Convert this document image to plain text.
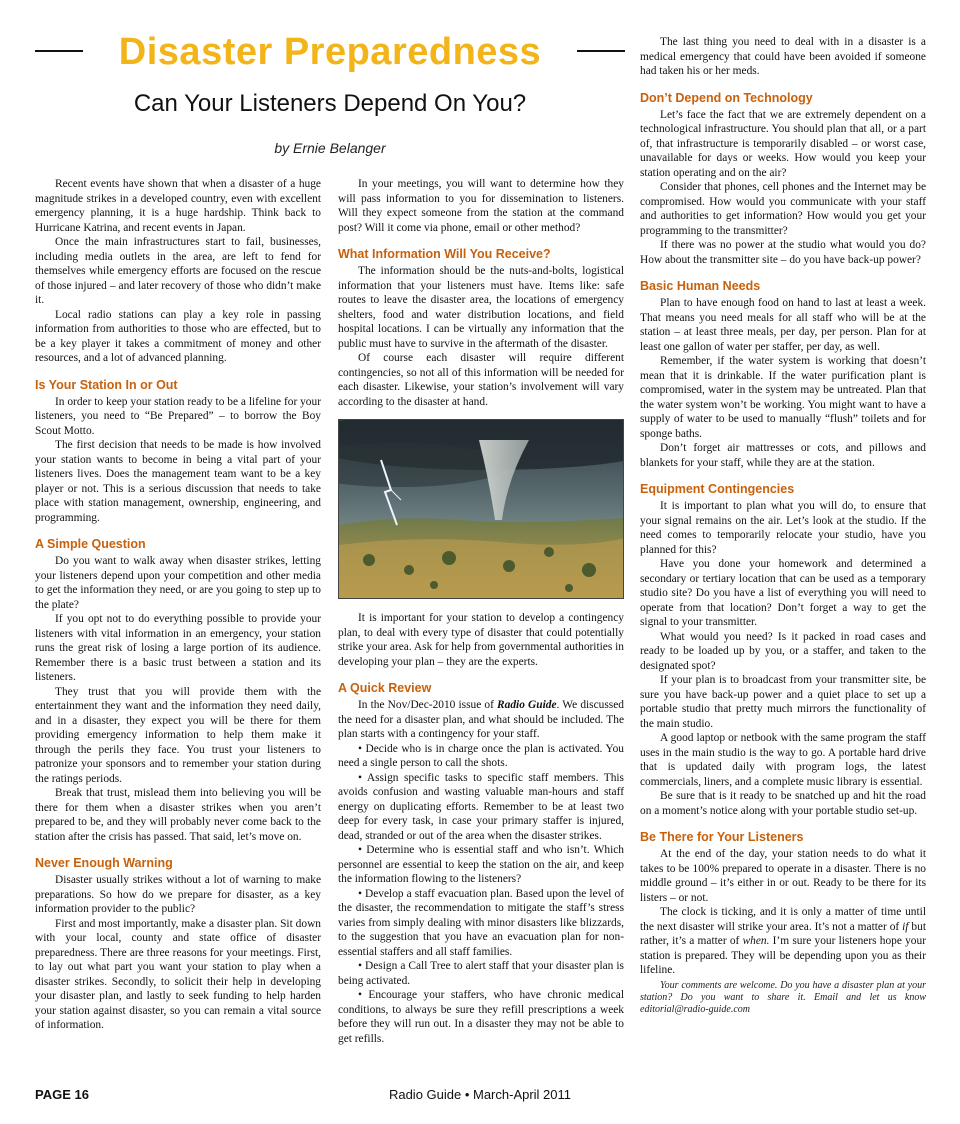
Disaster Preparedness
Can Your Listeners Depend On You?
by Ernie Belanger

Recent events have shown that when a disaster of a huge magnitude strikes in a developed country, even with excellent emergency planning, it is a huge hardship. Think back to Hurricane Katrina, and recent events in Japan.

Once the main infrastructures start to fail, businesses, including media outlets in the area, are left to fend for themselves while emergency efforts are focused on the rescue of those injured – and later recovery of those who didn’t make it.

Local radio stations can play a key role in passing information from authorities to those who are effected, but to be a key player it takes a commitment of money and other resources, and a lot of advanced planning.

Is Your Station In or Out

In order to keep your station ready to be a lifeline for your listeners, you need to “Be Prepared” – to borrow the Boy Scout Motto.

The first decision that needs to be made is how involved your station wants to become in being a vital part of your listeners lives. Does the management team want to be a key player or not. This is a serious discussion that needs to take place with station management, ownership, engineering, and programming.

A Simple Question

Do you want to walk away when disaster strikes, letting your listeners depend upon your competition and other media to get the information they need, or are you going to step up to the plate?

If you opt not to do everything possible to provide your listeners with vital information in an emergency, your station runs the great risk of losing a large portion of its audience. Remember there is a basic trust between a station and its listeners.

They trust that you will provide them with the entertainment they want and the information they need daily, and in a disaster, they expect you will be there for them providing emergency information to help them make it through the perils they face. You trust your listeners to patronize your sponsors and to remember your station during the ratings periods.

Break that trust, mislead them into believing you will be there for them when a disaster strikes when you aren’t prepared to be, and they will probably never come back to the station after the crisis has passed. That said, let’s move on.

Never Enough Warning

Disaster usually strikes without a lot of warning to make preparations. So how do we prepare for disaster, as a key information provider to the public?

First and most importantly, make a disaster plan. Sit down with your local, county and state office of disaster preparedness. There are three reasons for your meetings. First, to lay out what part you want your station to play when a disaster strikes. Secondly, to solicit their help in developing your disaster plan, and lastly to seek funding to help harden your station against disaster, so you can remain a vital source of information.

In your meetings, you will want to determine how they will pass information to you for dissemination to listeners. Will they expect someone from the station at the command post? Will it come via phone, email or other method?

What Information Will You Receive?

The information should be the nuts-and-bolts, logistical information that your listeners must have. Items like: safe routes to leave the disaster area, the locations of emergency shelters, food and water distribution locations, and field hospital locations. I can be virtually any information that the public must have to survive in the aftermath of the disaster.

Of course each disaster will require different contingencies, so not all of this information will be needed for each disaster. Likewise, your station’s involvement will vary according to the disaster at hand.

It is important for your station to develop a contingency plan, to deal with every type of disaster that could potentially strike your area. Ask for help from governmental authorities in developing your plan – they are the experts.

A Quick Review

In the Nov/Dec-2010 issue of Radio Guide. We discussed the need for a disaster plan, and what should be included. The plan starts with a contingency for your staff.

• Decide who is in charge once the plan is activated. You need a single person to call the shots.

• Assign specific tasks to specific staff members. This avoids confusion and wasting valuable man-hours and staff energy on duplicating efforts. Remember to be at least two deep for every task, in case your primary staffer is injured, dead, stranded or out of the area when the disaster strikes.

• Determine who is essential staff and who isn’t. Which personnel are essential to keep the station on the air, and keep the information flowing to the listeners?

• Develop a staff evacuation plan. Based upon the level of the disaster, the recommendation to mitigate the staff’s stress varies from simply dealing with minor disasters like blizzards, to the suggestion that you have an evacuation plan for non-essential staffers and all staff families.

• Design a Call Tree to alert staff that your disaster plan is being activated.

• Encourage your staffers, who have chronic medical conditions, to always be sure they refill prescriptions a week before they will run out. In a disaster they may not be able to get refills.

The last thing you need to deal with in a disaster is a medical emergency that could have been avoided if someone had taken his or her meds.

Don’t Depend on Technology

Let’s face the fact that we are extremely dependent on a technological infrastructure. You should plan that all, or a part of, that infrastructure is temporarily disabled – or worst case, unavailable for days or weeks. How would you keep your station operating and on the air?

Consider that phones, cell phones and the Internet may be compromised. How would you communicate with your staff and authorities to get information? How would you get your programming to the transmitter?

If there was no power at the studio what would you do? How about the transmitter site – do you have back-up power?

Basic Human Needs

Plan to have enough food on hand to last at least a week. That means you need meals for all staff who will be at the station – at least three meals, per day, per person. Plan for at least one gallon of water per staffer, per day, as well.

Remember, if the water system is working that doesn’t mean that it is drinkable. If the water purification plant is compromised, water in the system may be untreated. Plan that the water system won’t be working. You might want to have a supply of water to be used to manually “flush” toilets and for sponge baths.

Don’t forget air mattresses or cots, and pillows and blankets for your staff, while they are at the station.

Equipment Contingencies

It is important to plan what you will do, to ensure that your signal remains on the air. Let’s look at the studio. If the need comes to temporarily relocate your studio, have you planned for this?

Have you done your homework and determined a secondary or tertiary location that can be used as a temporary studio site? Do you have a list of everything you will need to operate from that location? Don’t forget a way to get the signal to your transmitter.

What would you need? Is it packed in road cases and ready to be loaded up by you, or a staffer, and taken to the designated spot?

If your plan is to broadcast from your transmitter site, be sure you have back-up power and a quiet place to set up a portable studio that pretty much mirrors the functionality of the main studio.

A good laptop or netbook with the same program the staff uses in the main studio is the way to go. A portable hard drive that is updated daily with program logs, the latest commercials, liners, and a complete music library is essential.

Be sure that is it ready to be snatched up and hit the road on a moment’s notice along with your portable studio set-up.

Be There for Your Listeners

At the end of the day, your station needs to do what it takes to be 100% prepared to operate in a disaster. There is no middle ground – it’s either in or out. Ready to be there for its listers – or not.

The clock is ticking, and it is only a matter of time until the next disaster will strike your area. It’s not a matter of if but rather, it’s a matter of when. I’m sure your listeners hope your station is prepared. They will be depending upon you as their lifeline.

Your comments are welcome. Do you have a disaster plan at your station? Do you want to share it. Email and let us know editorial@radio-guide.com

PAGE 16	Radio Guide • March-April 2011
